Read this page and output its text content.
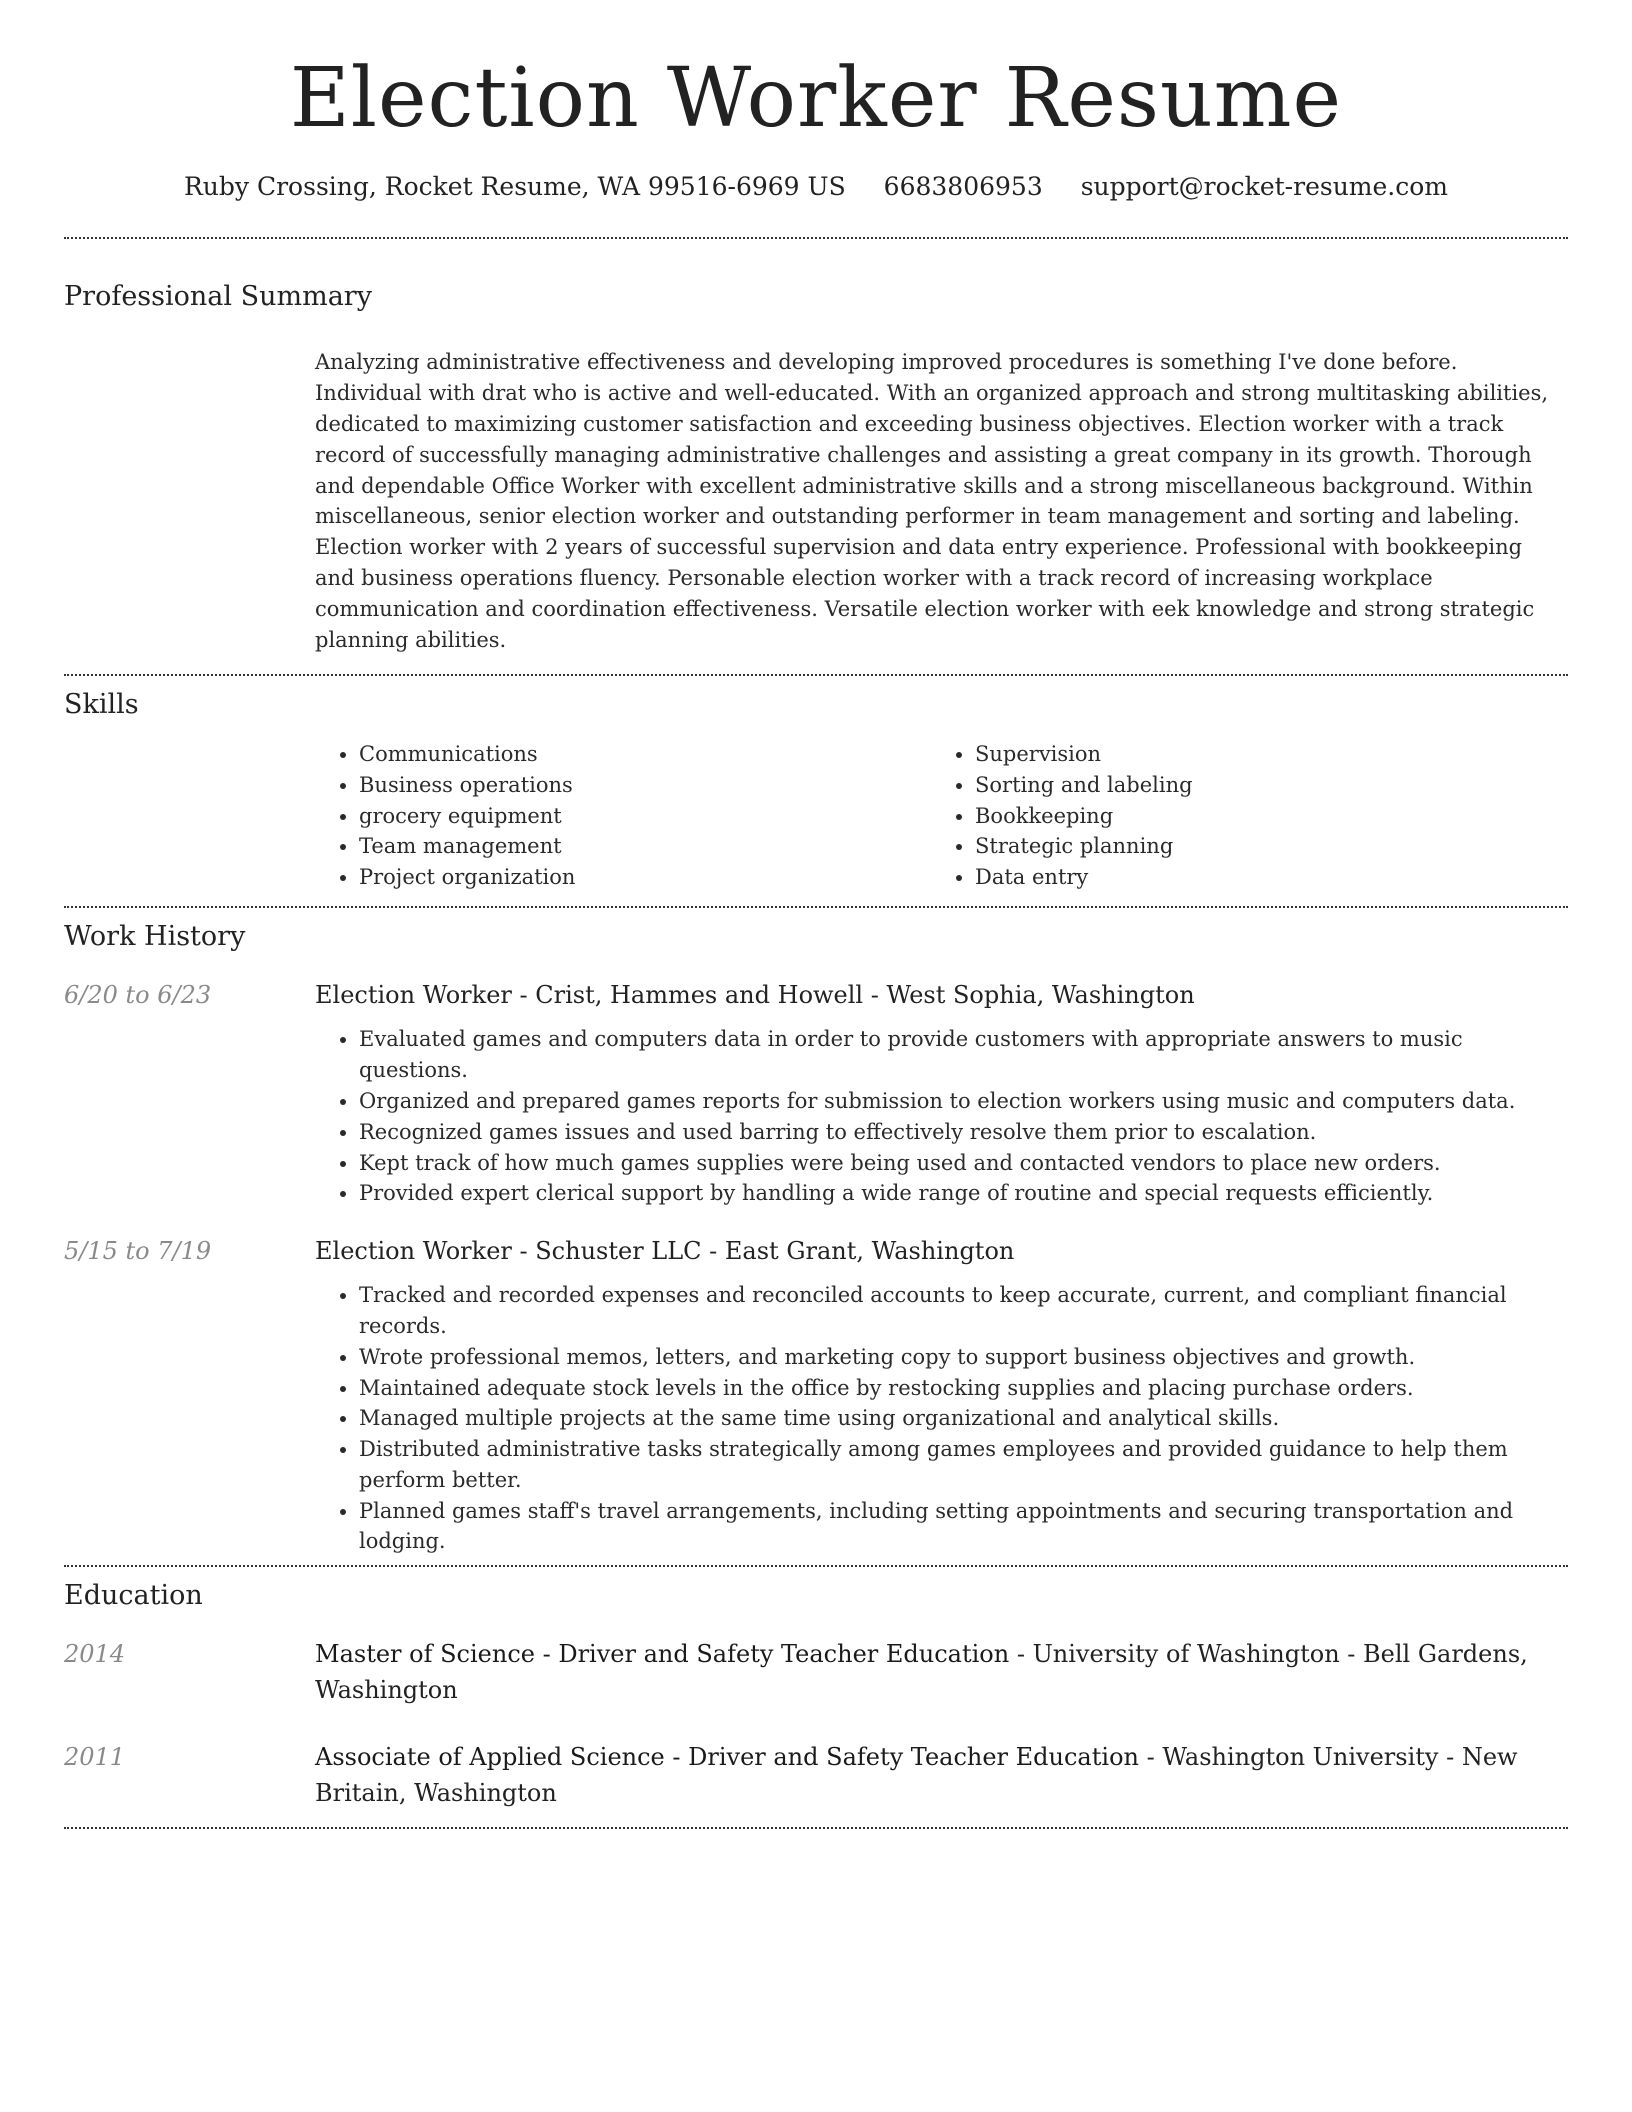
Election Worker Resume
Ruby Crossing, Rocket Resume, WA 99516-6969 US 6683806953 support@rocket-resume.com
Professional Summary

Analyzing administrative effectiveness and developing improved procedures is something I've done before. Individual with drat who is active and well-educated. With an organized approach and strong multitasking abilities, dedicated to maximizing customer satisfaction and exceeding business objectives. Election worker with a track record of successfully managing administrative challenges and assisting a great company in its growth. Thorough and dependable Office Worker with excellent administrative skills and a strong miscellaneous background. Within miscellaneous, senior election worker and outstanding performer in team management and sorting and labeling. Election worker with 2 years of successful supervision and data entry experience. Professional with bookkeeping and business operations fluency. Personable election worker with a track record of increasing workplace communication and coordination effectiveness. Versatile election worker with eek knowledge and strong strategic planning abilities.

Skills
• Communications
• Business operations
• grocery equipment
• Team management
• Project organization
• Supervision
• Sorting and labeling
• Bookkeeping
• Strategic planning
• Data entry
Work History
6/20 to 6/23	Election Worker - Crist, Hammes and Howell - West Sophia, Washington
• Evaluated games and computers data in order to provide customers with appropriate answers to music questions.
• Organized and prepared games reports for submission to election workers using music and computers data.
• Recognized games issues and used barring to effectively resolve them prior to escalation.
• Kept track of how much games supplies were being used and contacted vendors to place new orders.
• Provided expert clerical support by handling a wide range of routine and special requests efficiently.
5/15 to 7/19	Election Worker - Schuster LLC - East Grant, Washington
• Tracked and recorded expenses and reconciled accounts to keep accurate, current, and compliant financial records.
• Wrote professional memos, letters, and marketing copy to support business objectives and growth.
• Maintained adequate stock levels in the office by restocking supplies and placing purchase orders.
• Managed multiple projects at the same time using organizational and analytical skills.
• Distributed administrative tasks strategically among games employees and provided guidance to help them perform better.
• Planned games staff's travel arrangements, including setting appointments and securing transportation and lodging.
Education
2014	Master of Science - Driver and Safety Teacher Education - University of Washington - Bell Gardens, Washington
2011	Associate of Applied Science - Driver and Safety Teacher Education - Washington University - New Britain, Washington
